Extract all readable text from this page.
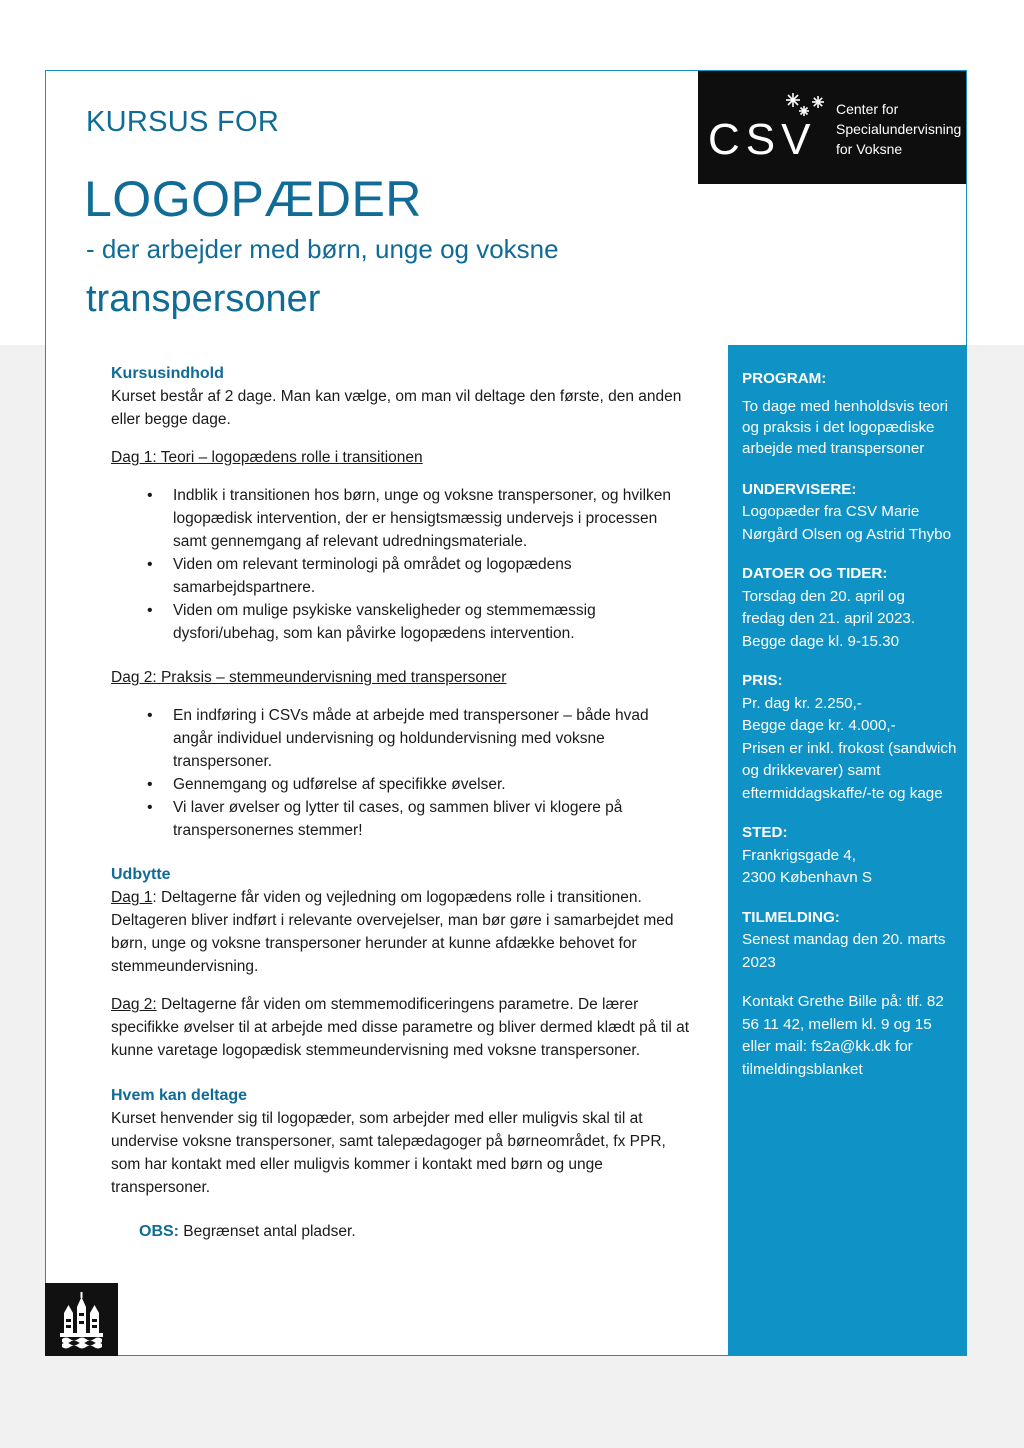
KURSUS FOR
LOGOPÆDER
- der arbejder med børn, unge og voksne
transpersoner
CSV
Center for
Specialundervisning
for Voksne

Kursusindhold

Kurset består af 2 dage. Man kan vælge, om man vil deltage den første, den anden eller begge dage.

Dag 1: Teori – logopædens rolle i transitionen

• Indblik i transitionen hos børn, unge og voksne transpersoner, og hvilken logopædisk intervention, der er hensigtsmæssig undervejs i processen samt gennemgang af relevant udredningsmateriale.
• Viden om relevant terminologi på området og logopædens samarbejdspartnere.
• Viden om mulige psykiske vanskeligheder og stemmemæssig dysfori/ubehag, som kan påvirke logopædens intervention.

Dag 2: Praksis – stemmeundervisning med transpersoner

• En indføring i CSVs måde at arbejde med transpersoner – både hvad angår individuel undervisning og holdundervisning med voksne transpersoner.
• Gennemgang og udførelse af specifikke øvelser.
• Vi laver øvelser og lytter til cases, og sammen bliver vi klogere på transpersonernes stemmer!

Udbytte

Dag 1: Deltagerne får viden og vejledning om logopædens rolle i transitionen. Deltageren bliver indført i relevante overvejelser, man bør gøre i samarbejdet med børn, unge og voksne transpersoner herunder at kunne afdække behovet for stemmeundervisning.

Dag 2: Deltagerne får viden om stemmemodificeringens parametre. De lærer specifikke øvelser til at arbejde med disse parametre og bliver dermed klædt på til at kunne varetage logopædisk stemmeundervisning med voksne transpersoner.

Hvem kan deltage

Kurset henvender sig til logopæder, som arbejder med eller muligvis skal til at undervise voksne transpersoner, samt talepædagoger på børneområdet, fx PPR, som har kontakt med eller muligvis kommer i kontakt med børn og unge transpersoner.

OBS: Begrænset antal pladser.

PROGRAM:
To dage med henholdsvis teori og praksis i det logopædiske arbejde med transpersoner
UNDERVISERE:
Logopæder fra CSV Marie Nørgård Olsen og Astrid Thybo
DATOER OG TIDER:
Torsdag den 20. april og
fredag den 21. april 2023.
Begge dage kl. 9-15.30
PRIS:
Pr. dag kr. 2.250,-
Begge dage kr. 4.000,-
Prisen er inkl. frokost (sandwich og drikkevarer) samt eftermiddagskaffe/-te og kage
STED:
Frankrigsgade 4,
2300 København S
TILMELDING:
Senest mandag den 20. marts 2023
Kontakt Grethe Bille på: tlf. 82 56 11 42, mellem kl. 9 og 15 eller mail: fs2a@kk.dk for tilmeldingsblanket
